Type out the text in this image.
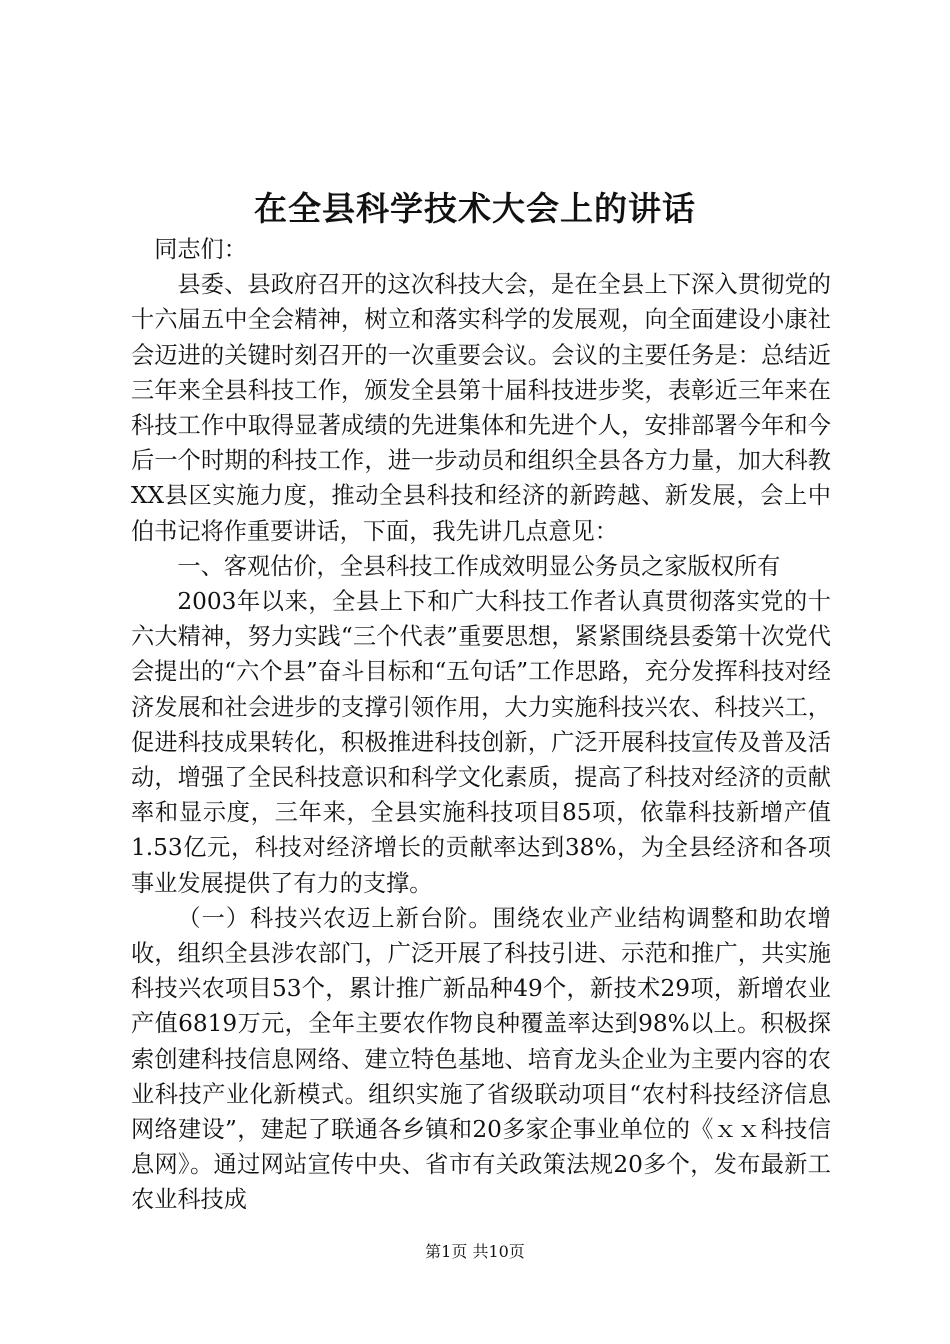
在全县科学技术大会上的讲话

同志们：

县委、县政府召开的这次科技大会，是在全县上下深入贯彻党的十六届五中全会精神，树立和落实科学的发展观，向全面建设小康社会迈进的关键时刻召开的一次重要会议。会议的主要任务是：总结近三年来全县科技工作，颁发全县第十届科技进步奖，表彰近三年来在科技工作中取得显著成绩的先进集体和先进个人，安排部署今年和今后一个时期的科技工作，进一步动员和组织全县各方力量，加大科教XX县区实施力度，推动全县科技和经济的新跨越、新发展，会上中伯书记将作重要讲话，下面，我先讲几点意见：

一、客观估价，全县科技工作成效明显公务员之家版权所有

2003年以来，全县上下和广大科技工作者认真贯彻落实党的十六大精神，努力实践“三个代表”重要思想，紧紧围绕县委第十次党代会提出的“六个县”奋斗目标和“五句话”工作思路，充分发挥科技对经济发展和社会进步的支撑引领作用，大力实施科技兴农、科技兴工，促进科技成果转化，积极推进科技创新，广泛开展科技宣传及普及活动，增强了全民科技意识和科学文化素质，提高了科技对经济的贡献率和显示度，三年来，全县实施科技项目85项，依靠科技新增产值1.53亿元，科技对经济增长的贡献率达到38%，为全县经济和各项事业发展提供了有力的支撑。

（一）科技兴农迈上新台阶。围绕农业产业结构调整和助农增收，组织全县涉农部门，广泛开展了科技引进、示范和推广，共实施科技兴农项目53个，累计推广新品种49个，新技术29项，新增农业产值6819万元，全年主要农作物良种覆盖率达到98%以上。积极探索创建科技信息网络、建立特色基地、培育龙头企业为主要内容的农业科技产业化新模式。组织实施了省级联动项目“农村科技经济信息网络建设”，建起了联通各乡镇和20多家企事业单位的《ｘｘ科技信息网》。通过网站宣传中央、省市有关政策法规20多个，发布最新工农业科技成

第1页 共10页
